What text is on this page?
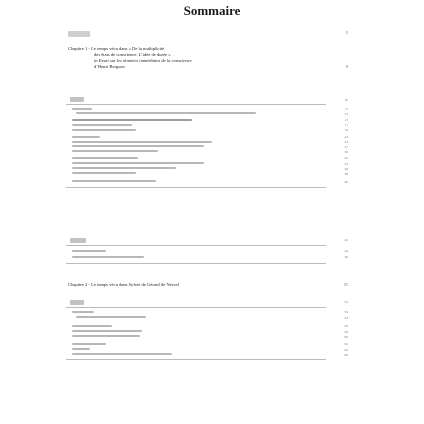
Sommaire
5
Chapitre 1 - Le temps vécu dans « De la multiplicité

des états de conscience. L’idée de durée »
in Essai sur les données immédiates de la conscience
d’Henri Bergson	9
10
11
13
15
17
19
22
24
27
30
32
34
36
38
40
42
44
46
Chapitre 2 - Le temps vécu dans Sylvie de Gérard de Nerval	51
52
53
54
56
58
60
62
64
66
